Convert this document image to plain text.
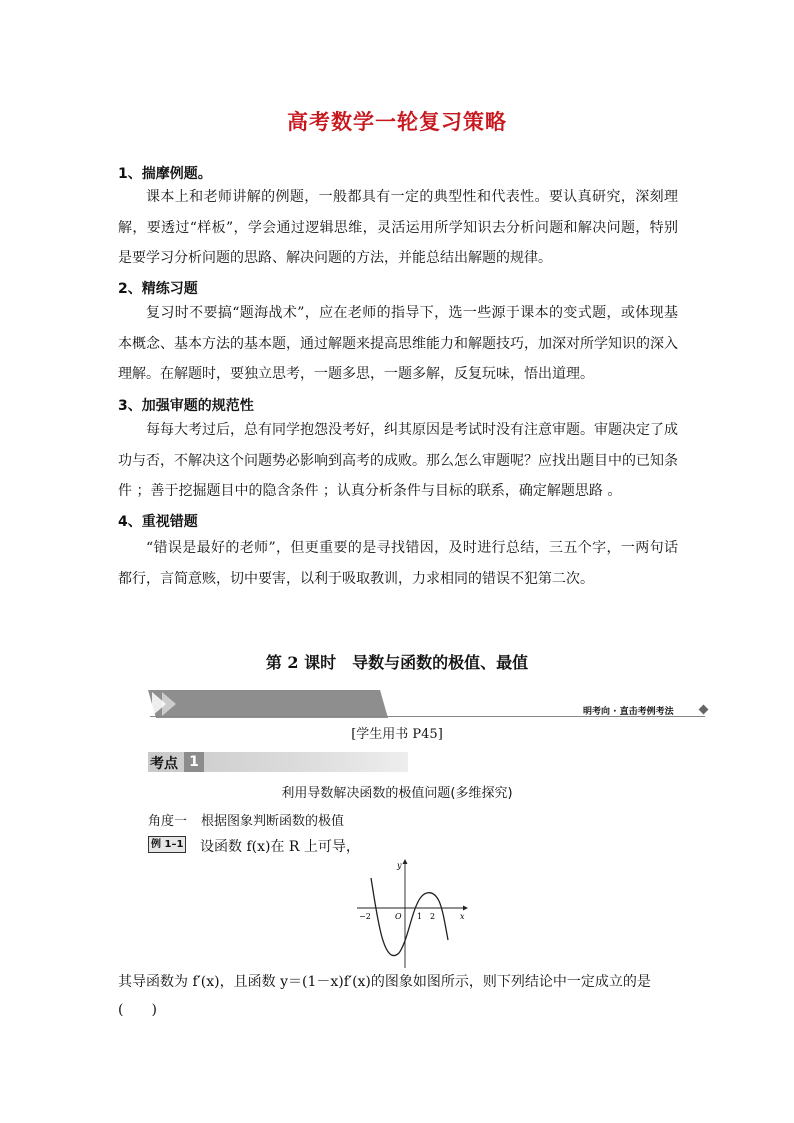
高考数学一轮复习策略
1、揣摩例题。
课本上和老师讲解的例题，一般都具有一定的典型性和代表性。要认真研究，深刻理解，要透过“样板”，学会通过逻辑思维，灵活运用所学知识去分析问题和解决问题，特别是要学习分析问题的思路、解决问题的方法，并能总结出解题的规律。
2、精练习题
复习时不要搞“题海战术”，应在老师的指导下，选一些源于课本的变式题，或体现基本概念、基本方法的基本题，通过解题来提高思维能力和解题技巧，加深对所学知识的深入理解。在解题时，要独立思考，一题多思，一题多解，反复玩味，悟出道理。
3、加强审题的规范性
每每大考过后，总有同学抱怨没考好，纠其原因是考试时没有注意审题。审题决定了成功与否，不解决这个问题势必影响到高考的成败。那么怎么审题呢？应找出题目中的已知条件 ；善于挖掘题目中的隐含条件 ；认真分析条件与目标的联系，确定解题思路 。
4、重视错题
“错误是最好的老师”，但更重要的是寻找错因，及时进行总结，三五个字，一两句话都行，言简意赅，切中要害，以利于吸取教训，力求相同的错误不犯第二次。
第 2 课时　导数与函数的极值、最值
核心考点 · 深度剖析
明考向 · 直击考例考法
[学生用书 P45]
考点 1
利用导数解决函数的极值问题(多维探究)
角度一 根据图象判断函数的极值
例 1–1 设函数 f(x)在 R 上可导，
y
x
O
−2	1 2
其导函数为 f′(x)，且函数 y＝(1－x)f′(x)的图象如图所示，则下列结论中一定成立的是(　　)
